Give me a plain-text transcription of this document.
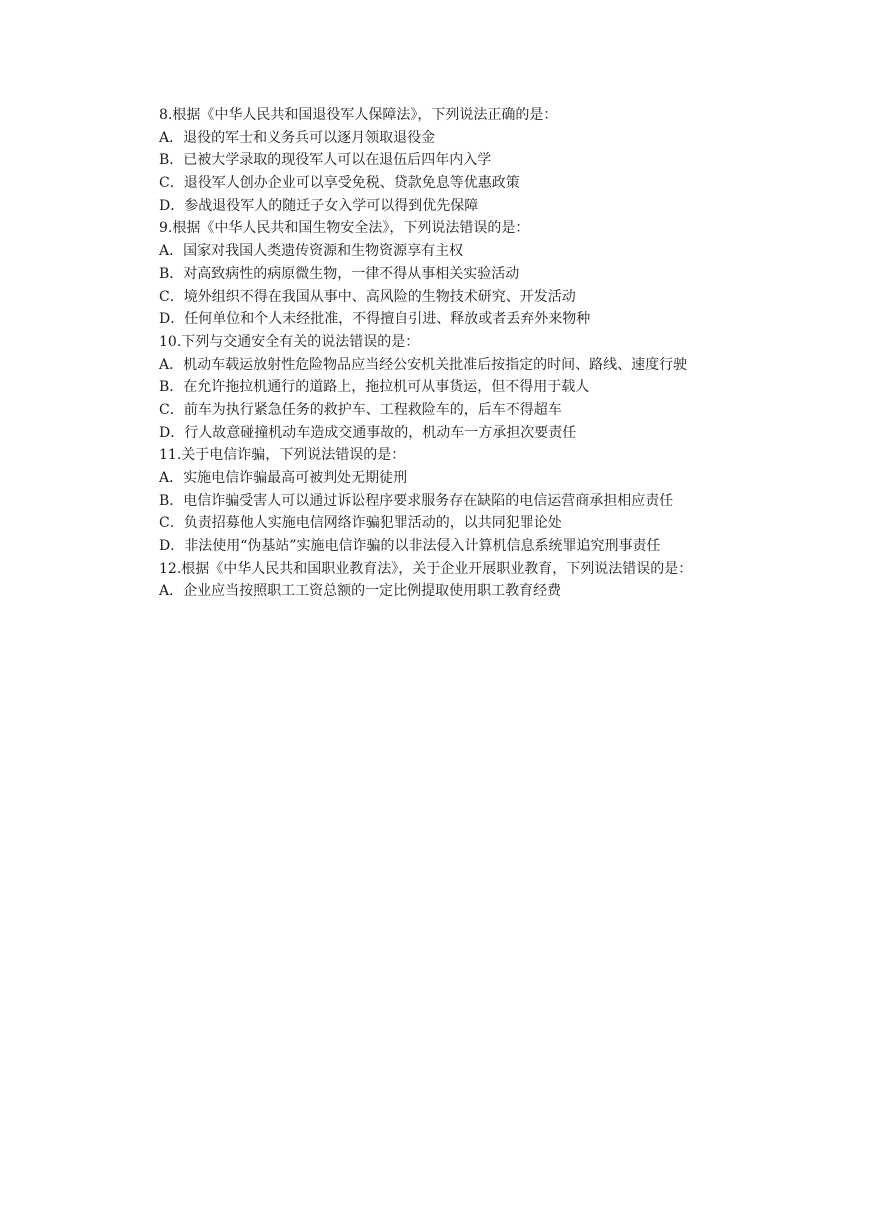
8.根据《中华人民共和国退役军人保障法》，下列说法正确的是：

A．退役的军士和义务兵可以逐月领取退役金

B．已被大学录取的现役军人可以在退伍后四年内入学

C．退役军人创办企业可以享受免税、贷款免息等优惠政策

D．参战退役军人的随迁子女入学可以得到优先保障

9.根据《中华人民共和国生物安全法》，下列说法错误的是：

A．国家对我国人类遗传资源和生物资源享有主权

B．对高致病性的病原微生物，一律不得从事相关实验活动

C．境外组织不得在我国从事中、高风险的生物技术研究、开发活动

D．任何单位和个人未经批准，不得擅自引进、释放或者丢弃外来物种

10.下列与交通安全有关的说法错误的是：

A．机动车载运放射性危险物品应当经公安机关批准后按指定的时间、路线、速度行驶

B．在允许拖拉机通行的道路上，拖拉机可从事货运，但不得用于载人

C．前车为执行紧急任务的救护车、工程救险车的，后车不得超车

D．行人故意碰撞机动车造成交通事故的，机动车一方承担次要责任

11.关于电信诈骗，下列说法错误的是：

A．实施电信诈骗最高可被判处无期徒刑

B．电信诈骗受害人可以通过诉讼程序要求服务存在缺陷的电信运营商承担相应责任

C．负责招募他人实施电信网络诈骗犯罪活动的，以共同犯罪论处

D．非法使用“伪基站”实施电信诈骗的以非法侵入计算机信息系统罪追究刑事责任

12.根据《中华人民共和国职业教育法》，关于企业开展职业教育，下列说法错误的是：

A．企业应当按照职工工资总额的一定比例提取使用职工教育经费
